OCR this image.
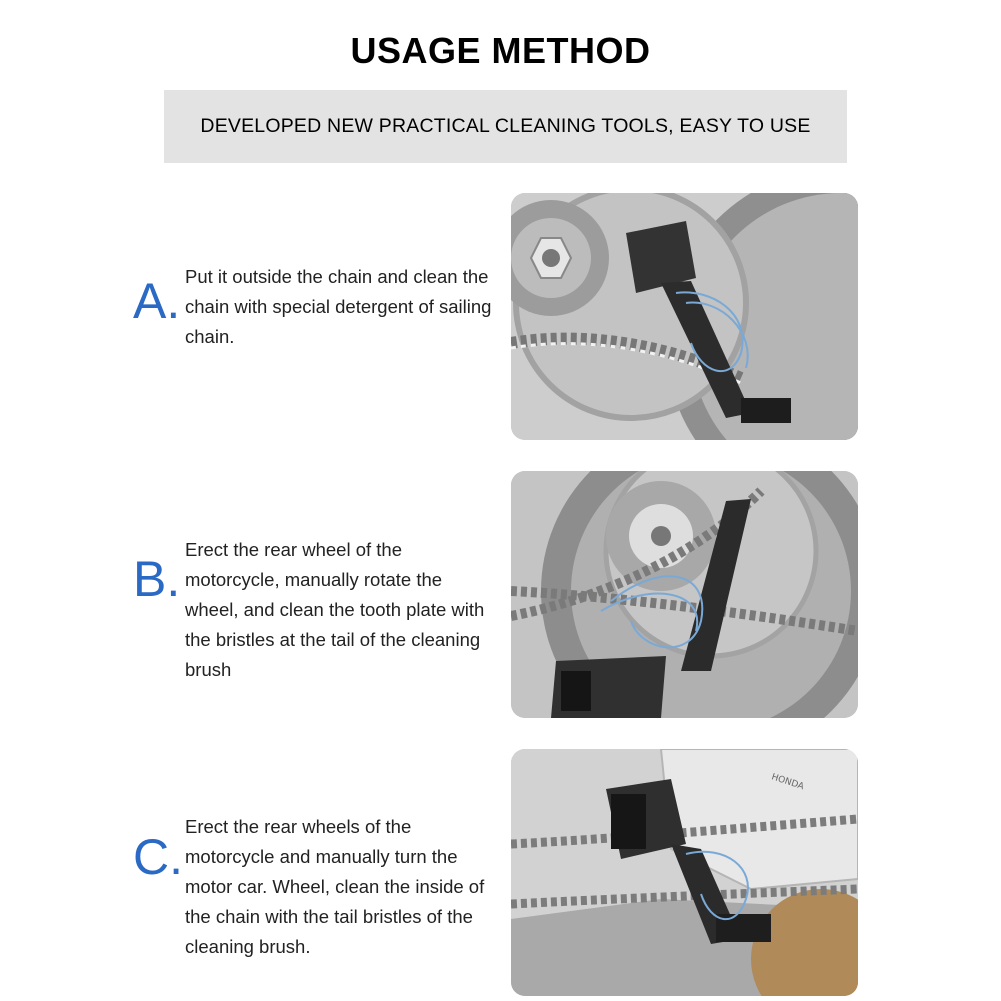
USAGE METHOD
DEVELOPED NEW PRACTICAL CLEANING TOOLS, EASY TO USE
A. Put it outside the chain and clean the chain with special detergent of sailing chain.
B.
Erect the rear wheel of the motorcycle, manually rotate the wheel, and clean the tooth plate with the bristles at the tail of the cleaning brush
C.
Erect the rear wheels of the motorcycle and manually turn the motor car. Wheel, clean the inside of the chain with the tail bristles of the cleaning brush.
HONDA
